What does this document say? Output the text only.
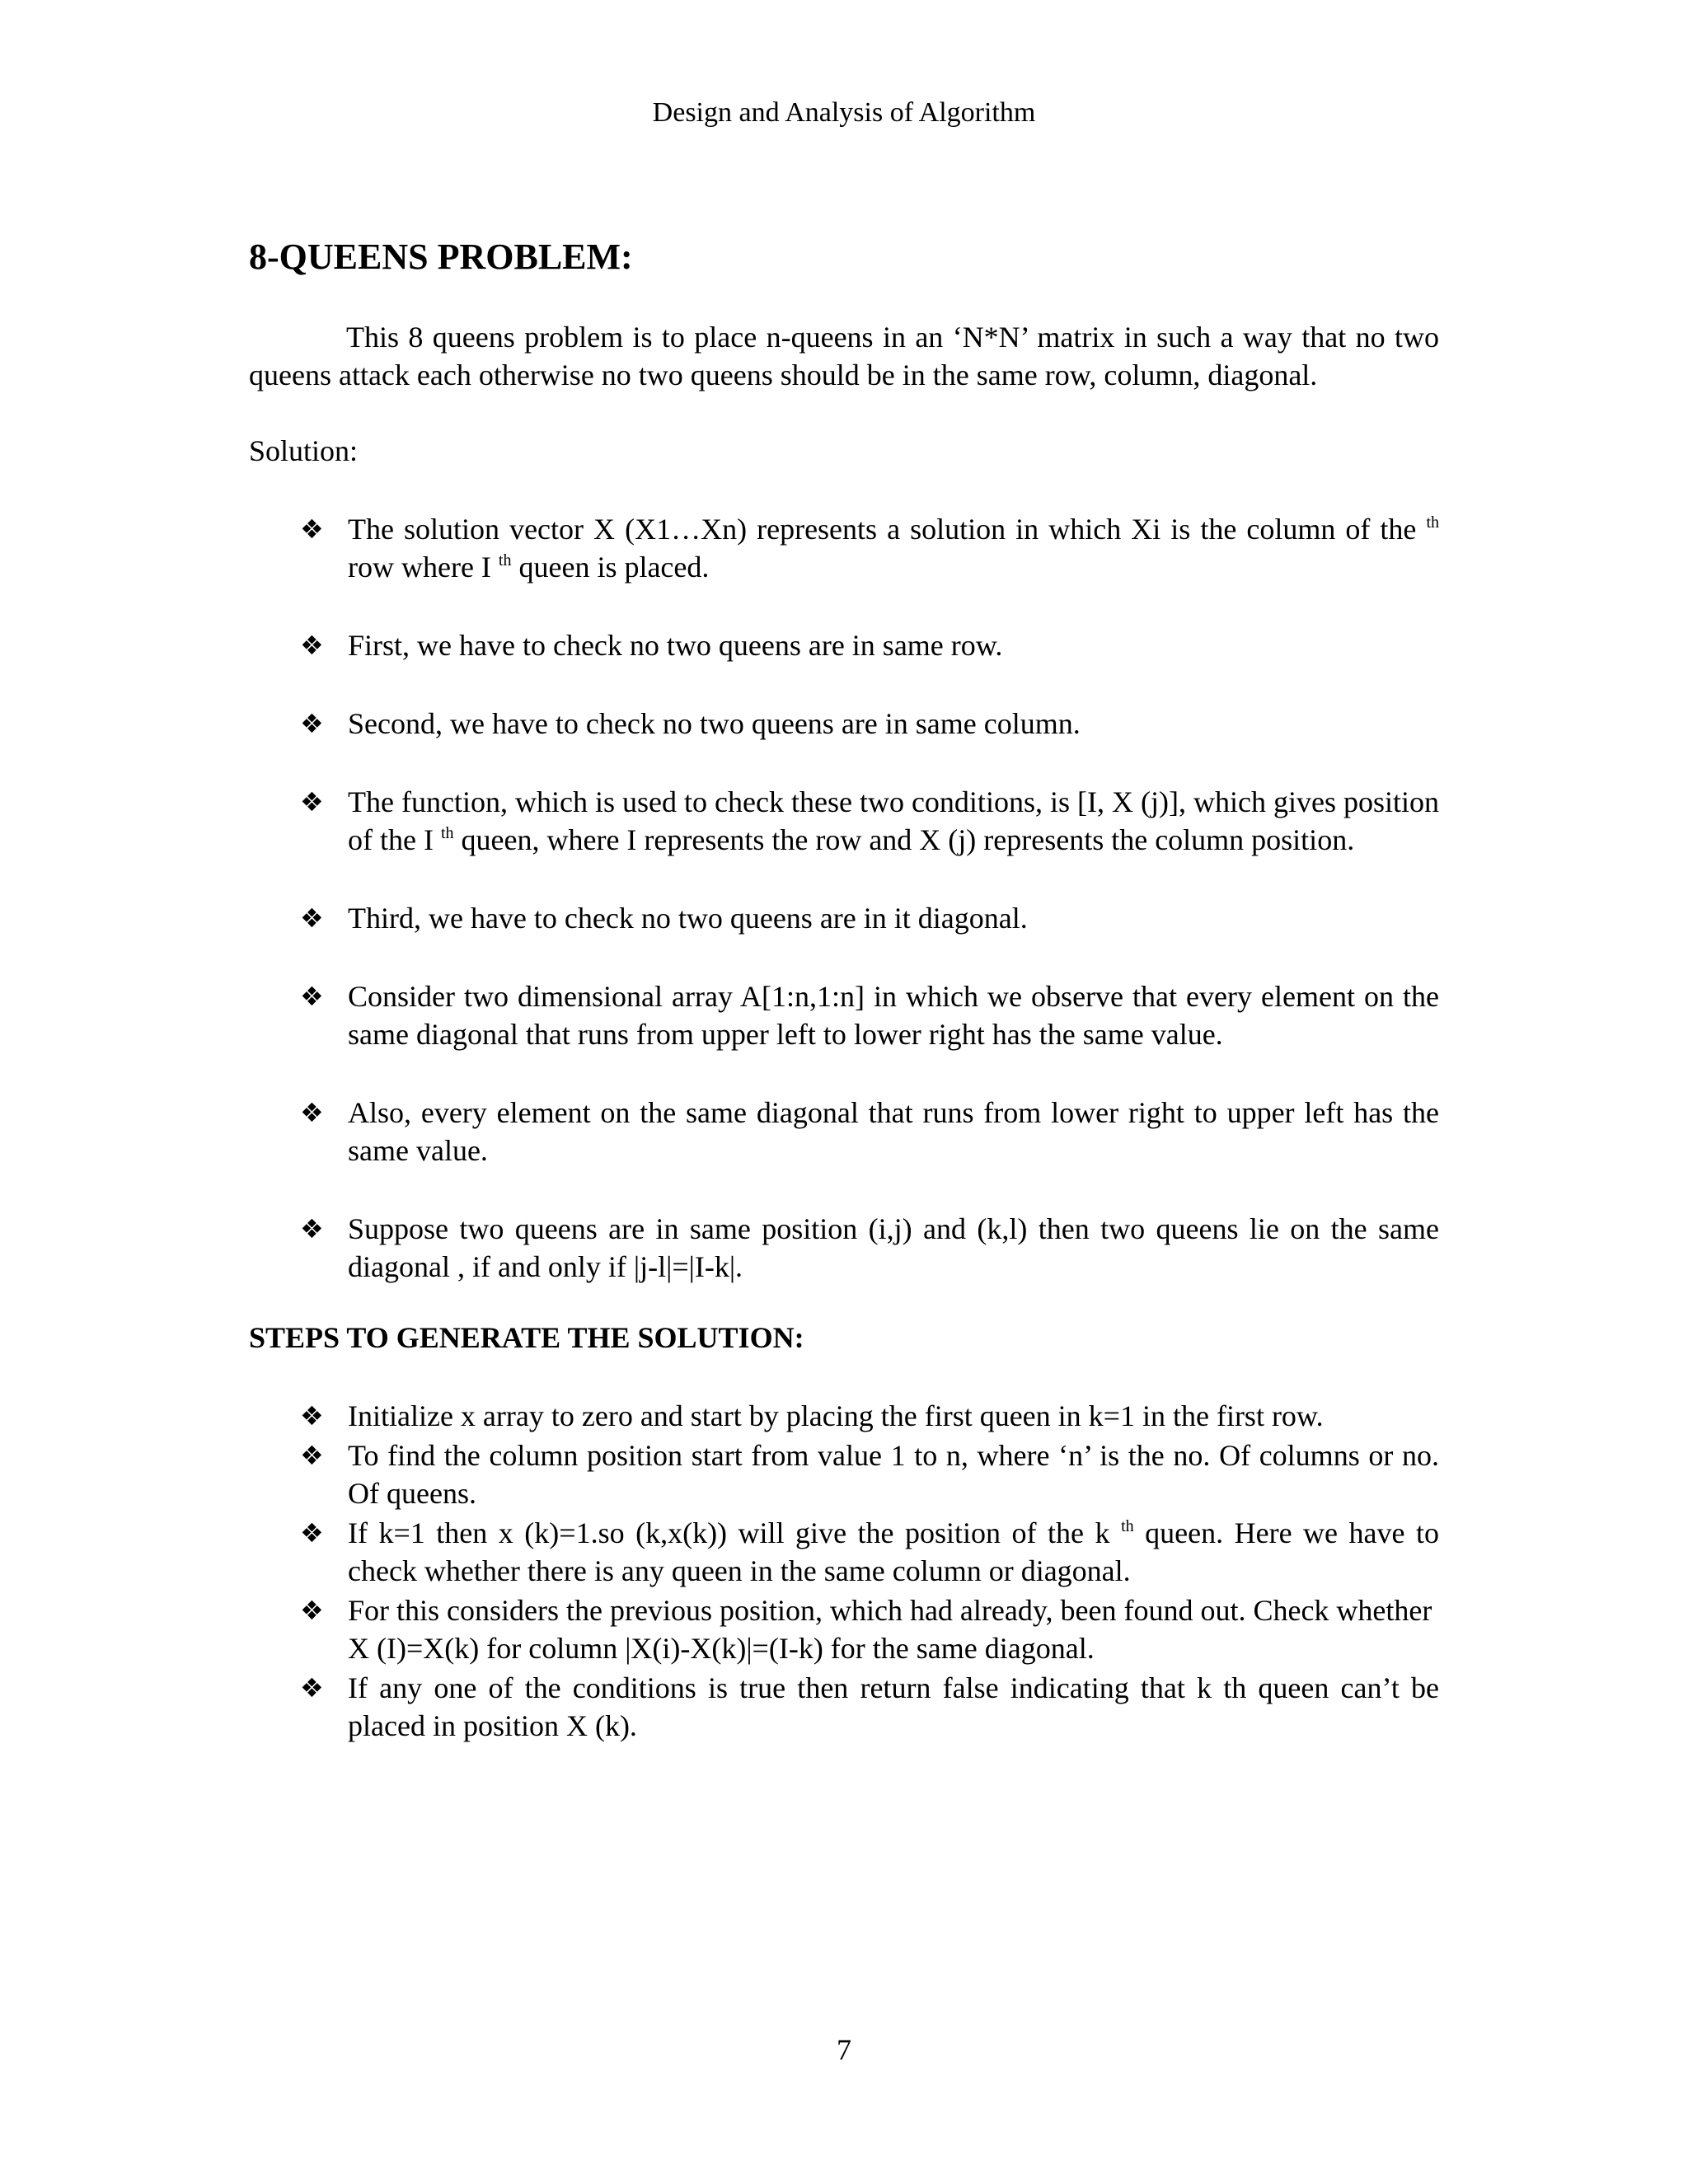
Design and Analysis of Algorithm
8-QUEENS PROBLEM:

This 8 queens problem is to place n-queens in an ‘N*N’ matrix in such a way that no two queens attack each otherwise no two queens should be in the same row, column, diagonal.

Solution:

❖ The solution vector X (X1…Xn) represents a solution in which Xi is the column of the $^{th}$ row where I $^{th}$ queen is placed.
❖ First, we have to check no two queens are in same row.
❖ Second, we have to check no two queens are in same column.
❖ The function, which is used to check these two conditions, is [I, X (j)], which gives position of the I $^{th}$ queen, where I represents the row and X (j) represents the column position.
❖ Third, we have to check no two queens are in it diagonal.
❖ Consider two dimensional array A[1:n,1:n] in which we observe that every element on the same diagonal that runs from upper left to lower right has the same value.
❖ Also, every element on the same diagonal that runs from lower right to upper left has the same value.
❖ Suppose two queens are in same position (i,j) and (k,l) then two queens lie on the same diagonal , if and only if |j-l|=|I-k|.
STEPS TO GENERATE THE SOLUTION:
❖ Initialize x array to zero and start by placing the first queen in k=1 in the first row.
❖ To find the column position start from value 1 to n, where ‘n’ is the no. Of columns or no. Of queens.
❖ If k=1 then x (k)=1.so (k,x(k)) will give the position of the k $^{th}$ queen. Here we have to check whether there is any queen in the same column or diagonal.
❖ For this considers the previous position, which had already, been found out. Check whether
X (I)=X(k) for column |X(i)-X(k)|=(I-k) for the same diagonal.
❖ If any one of the conditions is true then return false indicating that k th queen can’t be placed in position X (k).
7
